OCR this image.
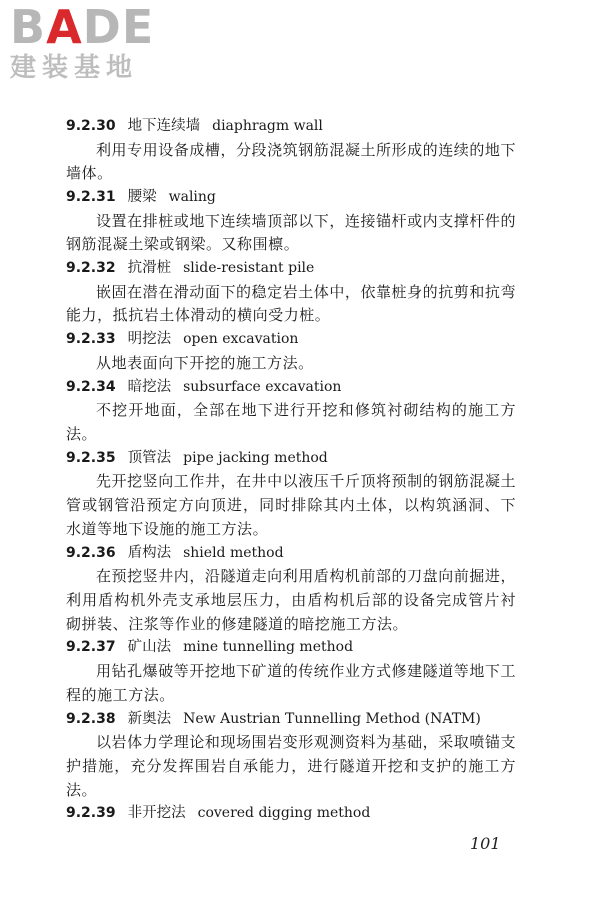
BADE
建装基地
9.2.30 地下连续墙 diaphragm wall

利用专用设备成槽，分段浇筑钢筋混凝土所形成的连续的地下墙体。

9.2.31 腰梁 waling

设置在排桩或地下连续墙顶部以下，连接锚杆或内支撑杆件的钢筋混凝土梁或钢梁。又称围檩。

9.2.32 抗滑桩 slide-resistant pile

嵌固在潜在滑动面下的稳定岩土体中，依靠桩身的抗剪和抗弯能力，抵抗岩土体滑动的横向受力桩。

9.2.33 明挖法 open excavation

从地表面向下开挖的施工方法。

9.2.34 暗挖法 subsurface excavation

不挖开地面，全部在地下进行开挖和修筑衬砌结构的施工方法。

9.2.35 顶管法 pipe jacking method

先开挖竖向工作井，在井中以液压千斤顶将预制的钢筋混凝土管或钢管沿预定方向顶进，同时排除其内土体，以构筑涵洞、下水道等地下设施的施工方法。

9.2.36 盾构法 shield method

在预挖竖井内，沿隧道走向利用盾构机前部的刀盘向前掘进，利用盾构机外壳支承地层压力，由盾构机后部的设备完成管片衬砌拼装、注浆等作业的修建隧道的暗挖施工方法。

9.2.37 矿山法 mine tunnelling method

用钻孔爆破等开挖地下矿道的传统作业方式修建隧道等地下工程的施工方法。

9.2.38 新奥法 New Austrian Tunnelling Method (NATM)

以岩体力学理论和现场围岩变形观测资料为基础，采取喷锚支护措施，充分发挥围岩自承能力，进行隧道开挖和支护的施工方法。

9.2.39 非开挖法 covered digging method
101
